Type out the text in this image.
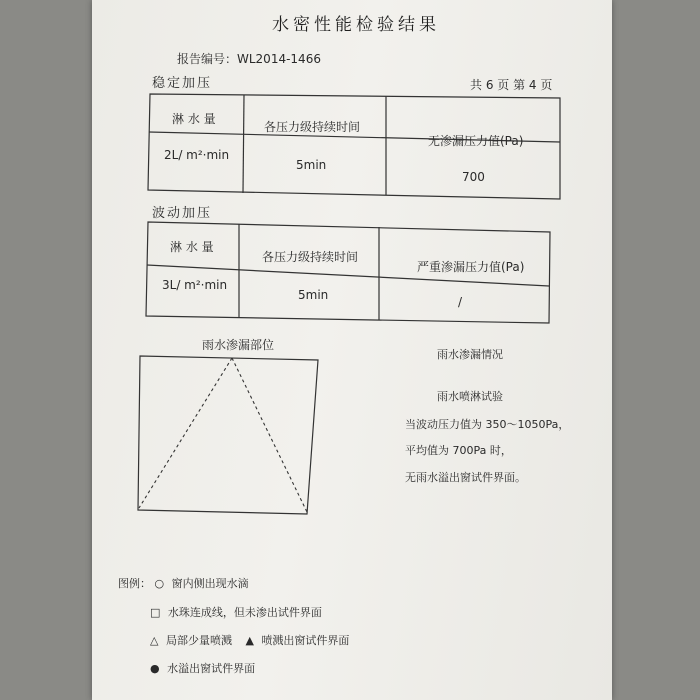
水密性能检验结果
报告编号：WL2014-1466
稳定加压	共 6 页 第 4 页
淋 水 量
各压力级持续时间
无渗漏压力值(Pa)
2L/ m²·min
5min
700
波动加压
淋 水 量
各压力级持续时间
严重渗漏压力值(Pa)
3L/ m²·min
5min	/
雨水渗漏部位
雨水渗漏情况
雨水喷淋试验
当波动压力值为 350～1050Pa，
平均值为 700Pa 时，
无雨水溢出窗试件界面。
图例： ○ 窗内侧出现水滴
□ 水珠连成线，但未渗出试件界面
△ 局部少量喷溅 ▲ 喷溅出窗试件界面
● 水溢出窗试件界面
